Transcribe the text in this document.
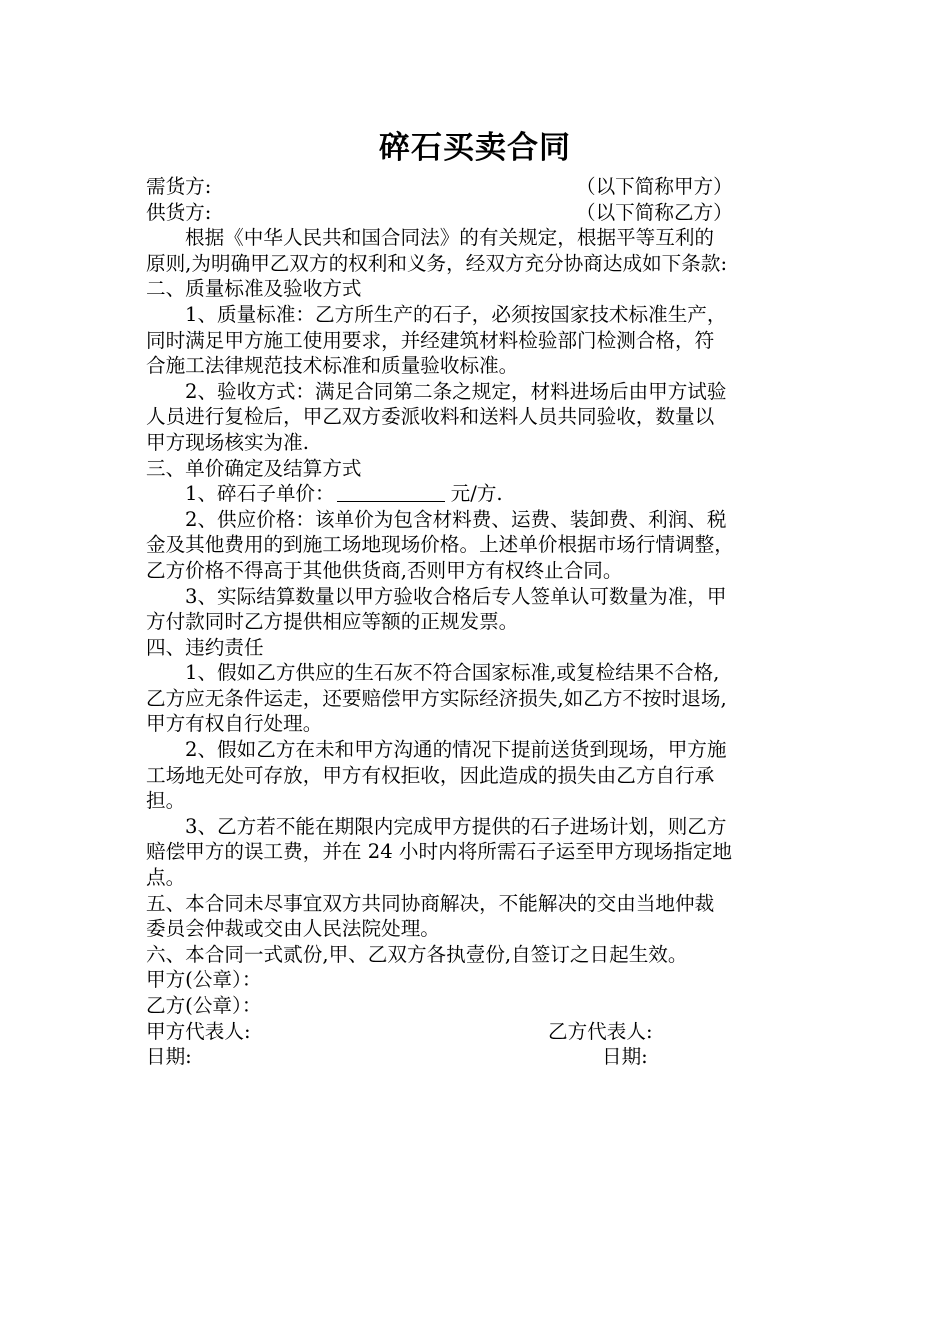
碎石买卖合同
需货方:	（以下简称甲方）
供货方:	（以下简称乙方）
根据《中华人民共和国合同法》的有关规定，根据平等互利的
原则,为明确甲乙双方的权利和义务，经双方充分协商达成如下条款:
二、质量标准及验收方式
1、质量标准：乙方所生产的石子，必须按国家技术标准生产，
同时满足甲方施工使用要求，并经建筑材料检验部门检测合格，符
合施工法律规范技术标准和质量验收标准。
2、验收方式：满足合同第二条之规定，材料进场后由甲方试验
人员进行复检后，甲乙双方委派收料和送料人员共同验收，数量以
甲方现场核实为准.
三、单价确定及结算方式
1、碎石子单价：	元/方.
2、供应价格：该单价为包含材料费、运费、装卸费、利润、税
金及其他费用的到施工场地现场价格。上述单价根据市场行情调整，
乙方价格不得高于其他供货商,否则甲方有权终止合同。
3、实际结算数量以甲方验收合格后专人签单认可数量为准，甲
方付款同时乙方提供相应等额的正规发票。
四、违约责任
1、假如乙方供应的生石灰不符合国家标准,或复检结果不合格,
乙方应无条件运走，还要赔偿甲方实际经济损失,如乙方不按时退场,
甲方有权自行处理。
2、假如乙方在未和甲方沟通的情况下提前送货到现场，甲方施
工场地无处可存放，甲方有权拒收，因此造成的损失由乙方自行承
担。
3、乙方若不能在期限内完成甲方提供的石子进场计划，则乙方
赔偿甲方的误工费，并在 24 小时内将所需石子运至甲方现场指定地
点。
五、本合同未尽事宜双方共同协商解决，不能解决的交由当地仲裁
委员会仲裁或交由人民法院处理。
六、本合同一式贰份,甲、乙双方各执壹份,自签订之日起生效。
甲方(公章）：
乙方(公章）：
甲方代表人:	乙方代表人:
日期:	日期:
